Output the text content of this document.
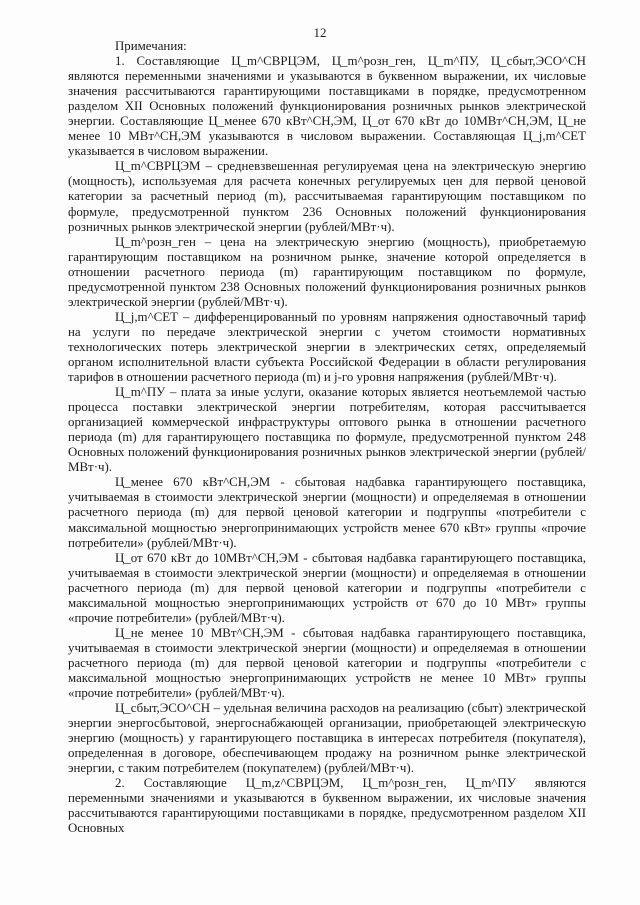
12

Примечания:

1. Составляющие Ц_m^СВРЦЭМ, Ц_m^розн_ген, Ц_m^ПУ, Ц_сбыт,ЭСО^СН являются переменными значениями и указываются в буквенном выражении, их числовые значения рассчитываются гарантирующими поставщиками в порядке, предусмотренном разделом XII Основных положений функционирования розничных рынков электрической энергии. Составляющие Ц_менее 670 кВт^СН,ЭМ, Ц_от 670 кВт до 10МВт^СН,ЭМ, Ц_не менее 10 МВт^СН,ЭМ указываются в числовом выражении. Составляющая Ц_j,m^СЕТ указывается в числовом выражении.

Ц_m^СВРЦЭМ – средневзвешенная регулируемая цена на электрическую энергию (мощность), используемая для расчета конечных регулируемых цен для первой ценовой категории за расчетный период (m), рассчитываемая гарантирующим поставщиком по формуле, предусмотренной пунктом 236 Основных положений функционирования розничных рынков электрической энергии (рублей/МВт·ч).

Ц_m^розн_ген – цена на электрическую энергию (мощность), приобретаемую гарантирующим поставщиком на розничном рынке, значение которой определяется в отношении расчетного периода (m) гарантирующим поставщиком по формуле, предусмотренной пунктом 238 Основных положений функционирования розничных рынков электрической энергии (рублей/МВт·ч).

Ц_j,m^СЕТ – дифференцированный по уровням напряжения одноставочный тариф на услуги по передаче электрической энергии с учетом стоимости нормативных технологических потерь электрической энергии в электрических сетях, определяемый органом исполнительной власти субъекта Российской Федерации в области регулирования тарифов в отношении расчетного периода (m) и j-го уровня напряжения (рублей/МВт·ч).

Ц_m^ПУ – плата за иные услуги, оказание которых является неотъемлемой частью процесса поставки электрической энергии потребителям, которая рассчитывается организацией коммерческой инфраструктуры оптового рынка в отношении расчетного периода (m) для гарантирующего поставщика по формуле, предусмотренной пунктом 248 Основных положений функционирования розничных рынков электрической энергии (рублей/МВт·ч).

Ц_менее 670 кВт^СН,ЭМ - сбытовая надбавка гарантирующего поставщика, учитываемая в стоимости электрической энергии (мощности) и определяемая в отношении расчетного периода (m) для первой ценовой категории и подгруппы «потребители с максимальной мощностью энергопринимающих устройств менее 670 кВт» группы «прочие потребители» (рублей/МВт·ч).

Ц_от 670 кВт до 10МВт^СН,ЭМ - сбытовая надбавка гарантирующего поставщика, учитываемая в стоимости электрической энергии (мощности) и определяемая в отношении расчетного периода (m) для первой ценовой категории и подгруппы «потребители с максимальной мощностью энергопринимающих устройств от 670 до 10 МВт» группы «прочие потребители» (рублей/МВт·ч).

Ц_не менее 10 МВт^СН,ЭМ - сбытовая надбавка гарантирующего поставщика, учитываемая в стоимости электрической энергии (мощности) и определяемая в отношении расчетного периода (m) для первой ценовой категории и подгруппы «потребители с максимальной мощностью энергопринимающих устройств не менее 10 МВт» группы «прочие потребители» (рублей/МВт·ч).

Ц_сбыт,ЭСО^СН – удельная величина расходов на реализацию (сбыт) электрической энергии энергосбытовой, энергоснабжающей организации, приобретающей электрическую энергию (мощность) у гарантирующего поставщика в интересах потребителя (покупателя), определенная в договоре, обеспечивающем продажу на розничном рынке электрической энергии, с таким потребителем (покупателем) (рублей/МВт·ч).

2. Составляющие Ц_m,z^СВРЦЭМ, Ц_m^розн_ген, Ц_m^ПУ являются переменными значениями и указываются в буквенном выражении, их числовые значения рассчитываются гарантирующими поставщиками в порядке, предусмотренном разделом XII Основных
